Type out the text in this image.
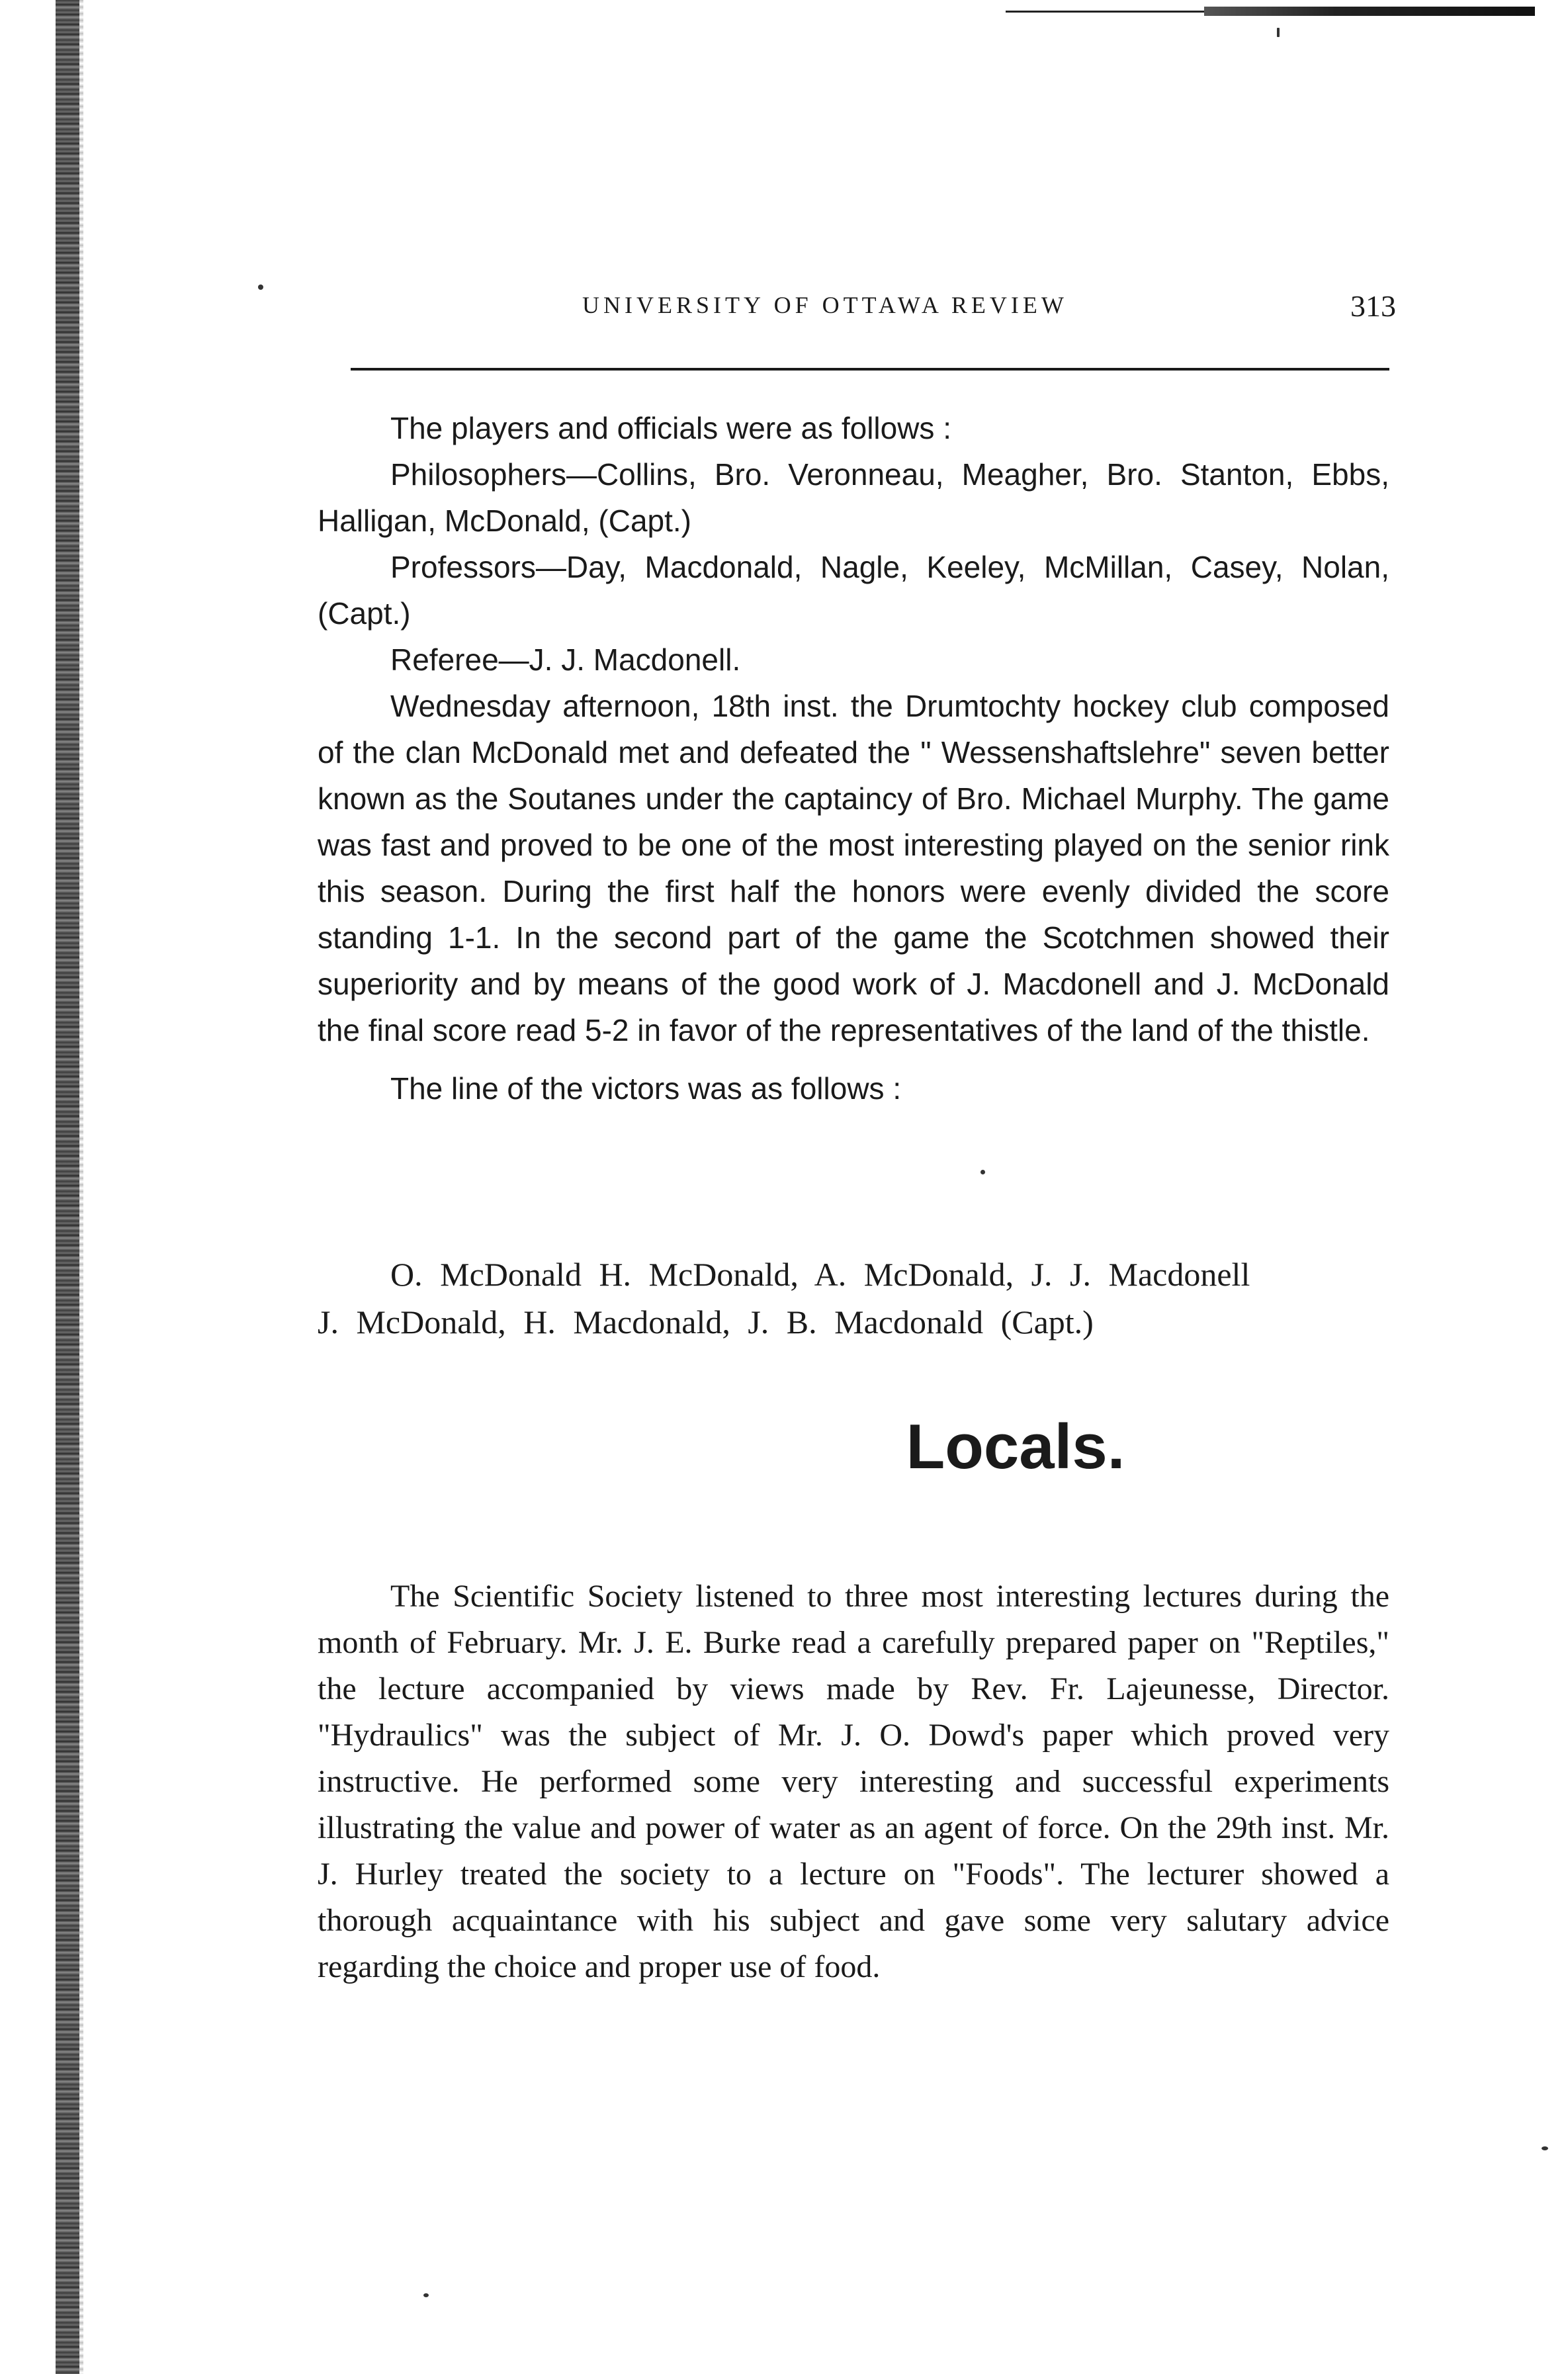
UNIVERSITY OF OTTAWA REVIEW	313

The players and officials were as follows :

Philosophers—Collins, Bro. Veronneau, Meagher, Bro. Stanton, Ebbs, Halligan, McDonald, (Capt.)

Professors—Day, Macdonald, Nagle, Keeley, McMillan, Casey, Nolan, (Capt.)

Referee—J. J. Macdonell.

Wednesday afternoon, 18th inst. the Drumtochty hockey club composed of the clan McDonald met and defeated the " Wessenshaftslehre" seven better known as the Soutanes under the captaincy of Bro. Michael Murphy. The game was fast and proved to be one of the most interesting played on the senior rink this season. During the first half the honors were evenly divided the score standing 1-1. In the second part of the game the Scotchmen showed their superiority and by means of the good work of J. Macdonell and J. McDonald the final score read 5-2 in favor of the representatives of the land of the thistle.

The line of the victors was as follows :

O. McDonald H. McDonald, A. McDonald, J. J. Macdonell
J. McDonald, H. Macdonald, J. B. Macdonald (Capt.)
Locals.

The Scientific Society listened to three most interesting lectures during the month of February. Mr. J. E. Burke read a carefully prepared paper on "Reptiles," the lecture accompanied by views made by Rev. Fr. Lajeunesse, Director. "Hydraulics" was the subject of Mr. J. O. Dowd's paper which proved very instructive. He performed some very interesting and successful experiments illustrating the value and power of water as an agent of force. On the 29th inst. Mr. J. Hurley treated the society to a lecture on "Foods". The lecturer showed a thorough acquaintance with his subject and gave some very salutary advice regarding the choice and proper use of food.
